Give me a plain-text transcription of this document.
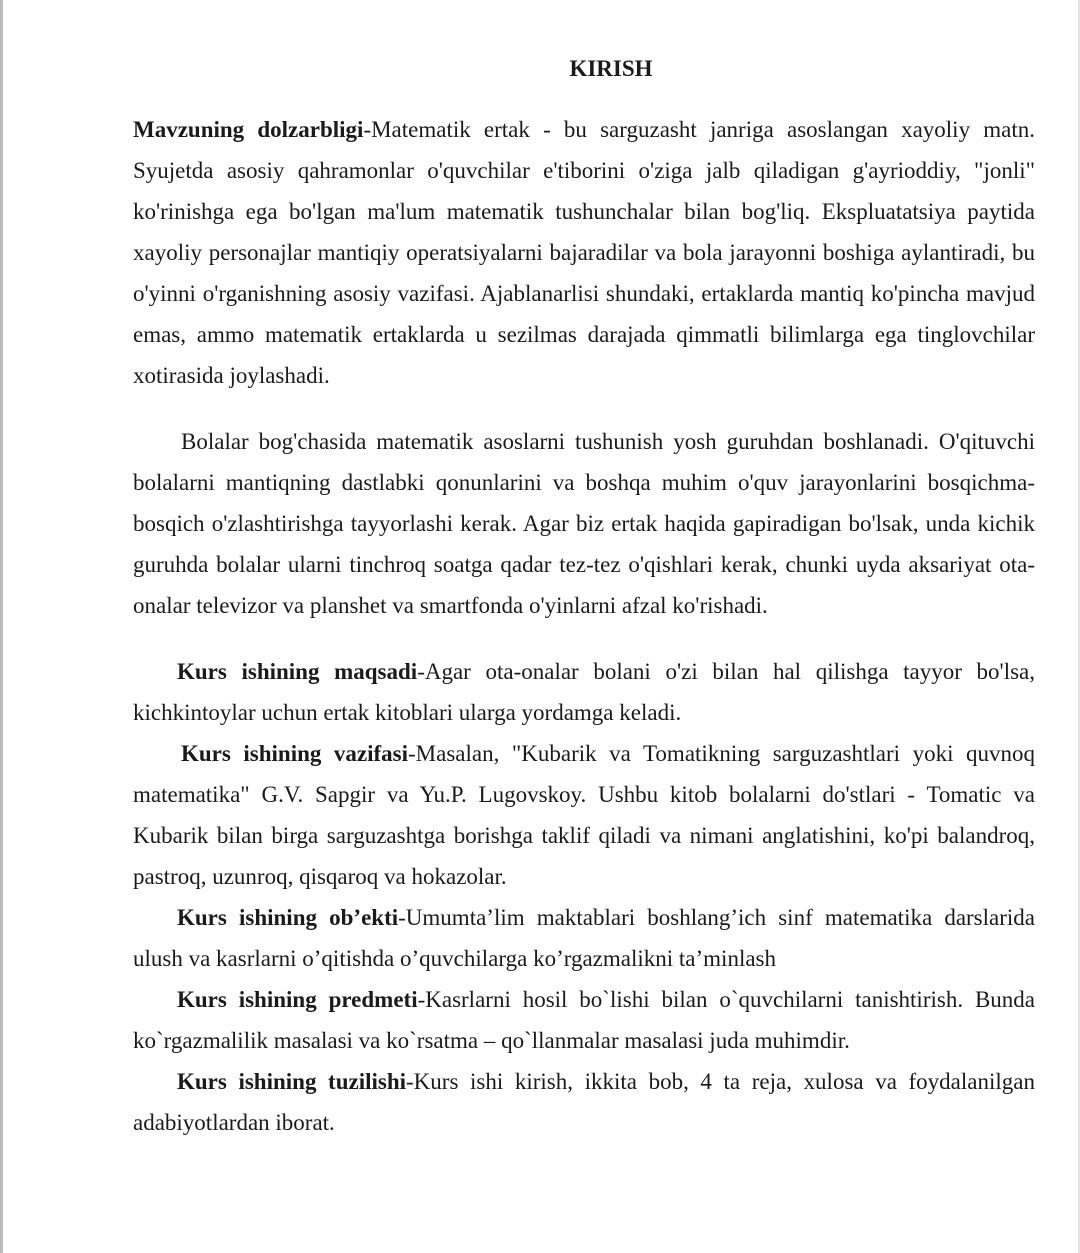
KIRISH

Mavzuning dolzarbligi-Matematik ertak - bu sarguzasht janriga asoslangan xayoliy matn. Syujetda asosiy qahramonlar o'quvchilar e'tiborini o'ziga jalb qiladigan g'ayrioddiy, "jonli" ko'rinishga ega bo'lgan ma'lum matematik tushunchalar bilan bog'liq. Ekspluatatsiya paytida xayoliy personajlar mantiqiy operatsiyalarni bajaradilar va bola jarayonni boshiga aylantiradi, bu o'yinni o'rganishning asosiy vazifasi. Ajablanarlisi shundaki, ertaklarda mantiq ko'pincha mavjud emas, ammo matematik ertaklarda u sezilmas darajada qimmatli bilimlarga ega tinglovchilar xotirasida joylashadi.

Bolalar bog'chasida matematik asoslarni tushunish yosh guruhdan boshlanadi. O'qituvchi bolalarni mantiqning dastlabki qonunlarini va boshqa muhim o'quv jarayonlarini bosqichma-bosqich o'zlashtirishga tayyorlashi kerak. Agar biz ertak haqida gapiradigan bo'lsak, unda kichik guruhda bolalar ularni tinchroq soatga qadar tez-tez o'qishlari kerak, chunki uyda aksariyat ota-onalar televizor va planshet va smartfonda o'yinlarni afzal ko'rishadi.

Kurs ishining maqsadi-Agar ota-onalar bolani o'zi bilan hal qilishga tayyor bo'lsa, kichkintoylar uchun ertak kitoblari ularga yordamga keladi.

Kurs ishining vazifasi-Masalan, "Kubarik va Tomatikning sarguzashtlari yoki quvnoq matematika" G.V. Sapgir va Yu.P. Lugovskoy. Ushbu kitob bolalarni do'stlari - Tomatic va Kubarik bilan birga sarguzashtga borishga taklif qiladi va nimani anglatishini, ko'pi balandroq, pastroq, uzunroq, qisqaroq va hokazolar.

Kurs ishining ob’ekti-Umumta’lim maktablari boshlang’ich sinf matematika darslarida ulush va kasrlarni o’qitishda o’quvchilarga ko’rgazmalikni ta’minlash

Kurs ishining predmeti-Kasrlarni hosil bo`lishi bilan o`quvchilarni tanishtirish. Bunda ko`rgazmalilik masalasi va ko`rsatma – qo`llanmalar masalasi juda muhimdir.

Kurs ishining tuzilishi-Kurs ishi kirish, ikkita bob, 4 ta reja, xulosa va foydalanilgan adabiyotlardan iborat.
